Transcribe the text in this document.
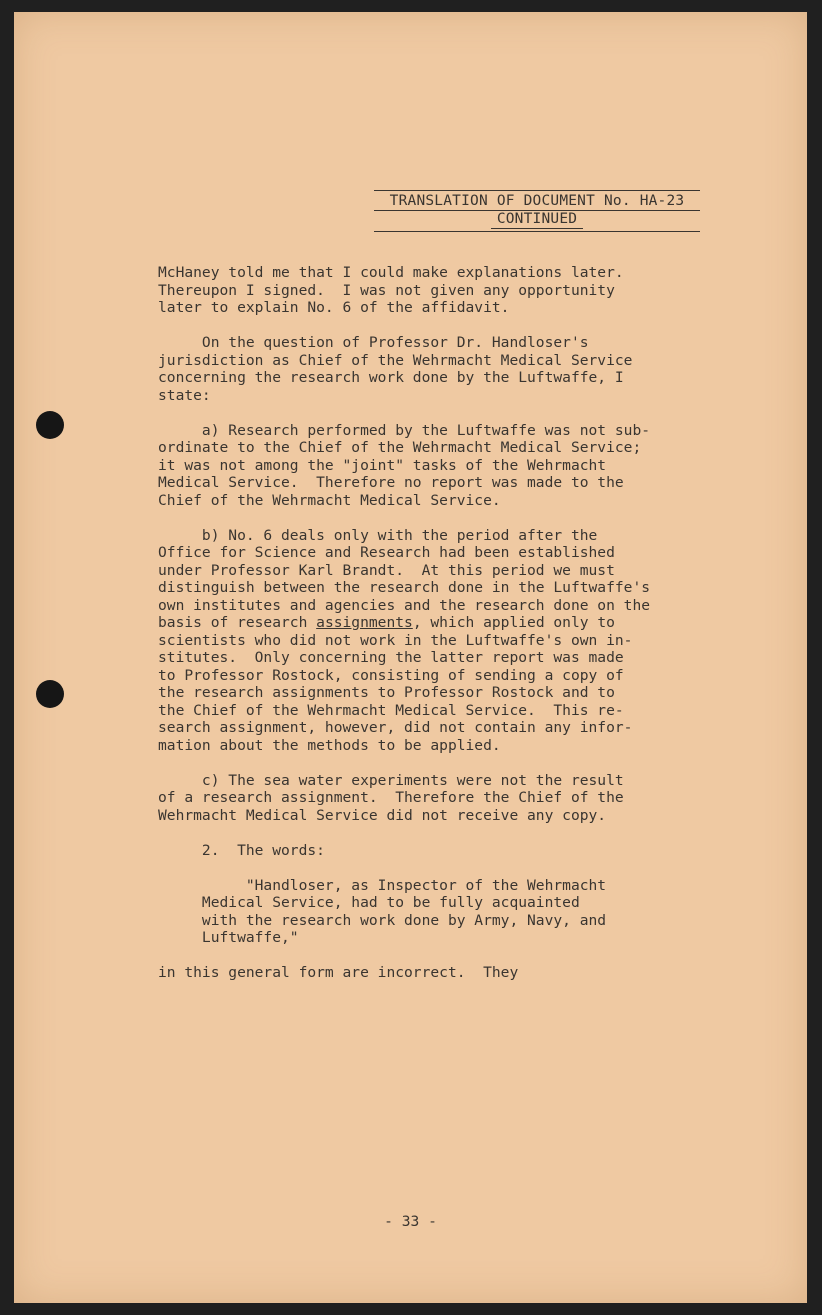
TRANSLATION OF DOCUMENT No. HA-23
CONTINUED
McHaney told me that I could make explanations later.
Thereupon I signed.  I was not given any opportunity
later to explain No. 6 of the affidavit.
On the question of Professor Dr. Handloser's
jurisdiction as Chief of the Wehrmacht Medical Service
concerning the research work done by the Luftwaffe, I
state:
a) Research performed by the Luftwaffe was not sub-
ordinate to the Chief of the Wehrmacht Medical Service;
it was not among the "joint" tasks of the Wehrmacht
Medical Service.  Therefore no report was made to the
Chief of the Wehrmacht Medical Service.
b) No. 6 deals only with the period after the
Office for Science and Research had been established
under Professor Karl Brandt.  At this period we must
distinguish between the research done in the Luftwaffe's
own institutes and agencies and the research done on the
basis of research assignments, which applied only to
scientists who did not work in the Luftwaffe's own in-
stitutes.  Only concerning the latter report was made
to Professor Rostock, consisting of sending a copy of
the research assignments to Professor Rostock and to
the Chief of the Wehrmacht Medical Service.  This re-
search assignment, however, did not contain any infor-
mation about the methods to be applied.
c) The sea water experiments were not the result
of a research assignment.  Therefore the Chief of the
Wehrmacht Medical Service did not receive any copy.
2.  The words:
"Handloser, as Inspector of the Wehrmacht
Medical Service, had to be fully acquainted
with the research work done by Army, Navy, and
Luftwaffe,"
in this general form are incorrect.  They
- 33 -
